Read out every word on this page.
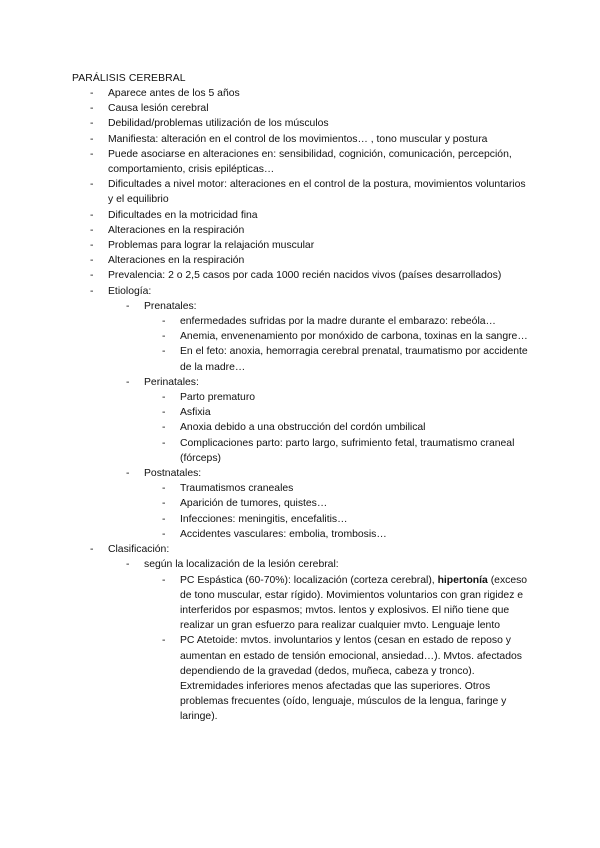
PARÁLISIS CEREBRAL
- Aparece antes de los 5 años
- Causa lesión cerebral
- Debilidad/problemas utilización de los músculos
- Manifiesta: alteración en el control de los movimientos… , tono muscular y postura
- Puede asociarse en alteraciones en: sensibilidad, cognición, comunicación, percepción, comportamiento, crisis epilépticas…
- Dificultades a nivel motor: alteraciones en el control de la postura, movimientos voluntarios y el equilibrio
- Dificultades en la motricidad fina
- Alteraciones en la respiración
- Problemas para lograr la relajación muscular
- Alteraciones en la respiración
- Prevalencia: 2 o 2,5 casos por cada 1000 recién nacidos vivos (países desarrollados)
- Etiología:
- Prenatales:
- enfermedades sufridas por la madre durante el embarazo: rebeóla…
- Anemia, envenenamiento por monóxido de carbona, toxinas en la sangre…
- En el feto: anoxia, hemorragia cerebral prenatal, traumatismo por accidente de la madre…
- Perinatales:
- Parto prematuro
- Asfixia
- Anoxia debido a una obstrucción del cordón umbilical
- Complicaciones parto: parto largo, sufrimiento fetal, traumatismo craneal (fórceps)
- Postnatales:
- Traumatismos craneales
- Aparición de tumores, quistes…
- Infecciones: meningitis, encefalitis…
- Accidentes vasculares: embolia, trombosis…
- Clasificación:
- según la localización de la lesión cerebral:
- PC Espástica (60-70%): localización (corteza cerebral), hipertonía (exceso de tono muscular, estar rígido). Movimientos voluntarios con gran rigidez e interferidos por espasmos; mvtos. lentos y explosivos. El niño tiene que realizar un gran esfuerzo para realizar cualquier mvto. Lenguaje lento
- PC Atetoide: mvtos. involuntarios y lentos (cesan en estado de reposo y aumentan en estado de tensión emocional, ansiedad…). Mvtos. afectados dependiendo de la gravedad (dedos, muñeca, cabeza y tronco). Extremidades inferiores menos afectadas que las superiores. Otros problemas frecuentes (oído, lenguaje, músculos de la lengua, faringe y laringe).
